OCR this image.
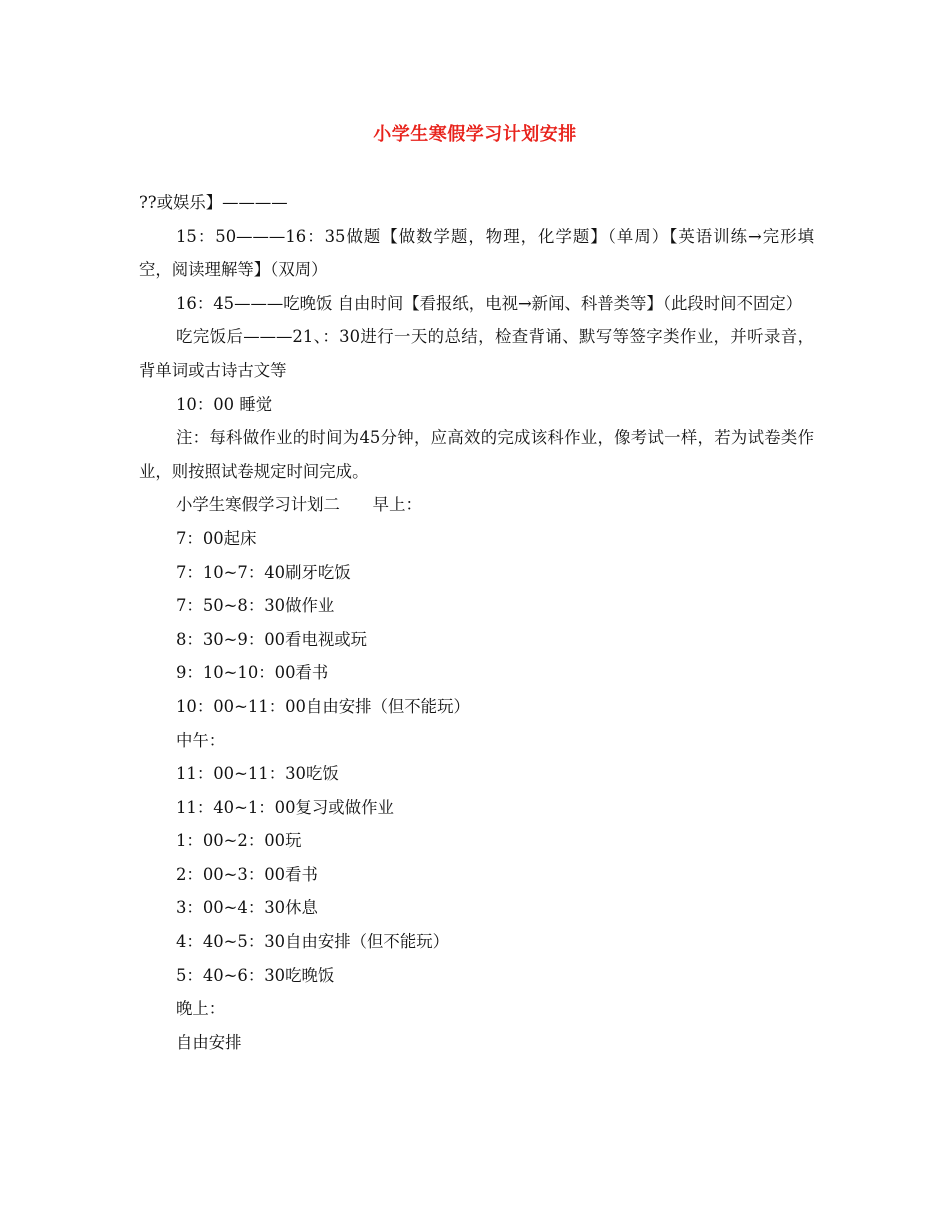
小学生寒假学习计划安排

??或娱乐】————

15：50———16：35做题【做数学题，物理，化学题】（单周）【英语训练→完形填空，阅读理解等】（双周）

16：45———吃晚饭 自由时间【看报纸，电视→新闻、科普类等】（此段时间不固定）

吃完饭后———21、：30进行一天的总结，检查背诵、默写等签字类作业，并听录音，背单词或古诗古文等

10：00 睡觉

注：每科做作业的时间为45分钟，应高效的完成该科作业，像考试一样，若为试卷类作业，则按照试卷规定时间完成。

小学生寒假学习计划二　　早上：

7：00起床

7：10~7：40刷牙吃饭

7：50~8：30做作业

8：30~9：00看电视或玩

9：10~10：00看书

10：00~11：00自由安排（但不能玩）

中午：

11：00~11：30吃饭

11：40~1：00复习或做作业

1：00~2：00玩

2：00~3：00看书

3：00~4：30休息

4：40~5：30自由安排（但不能玩）

5：40~6：30吃晚饭

晚上：

自由安排
